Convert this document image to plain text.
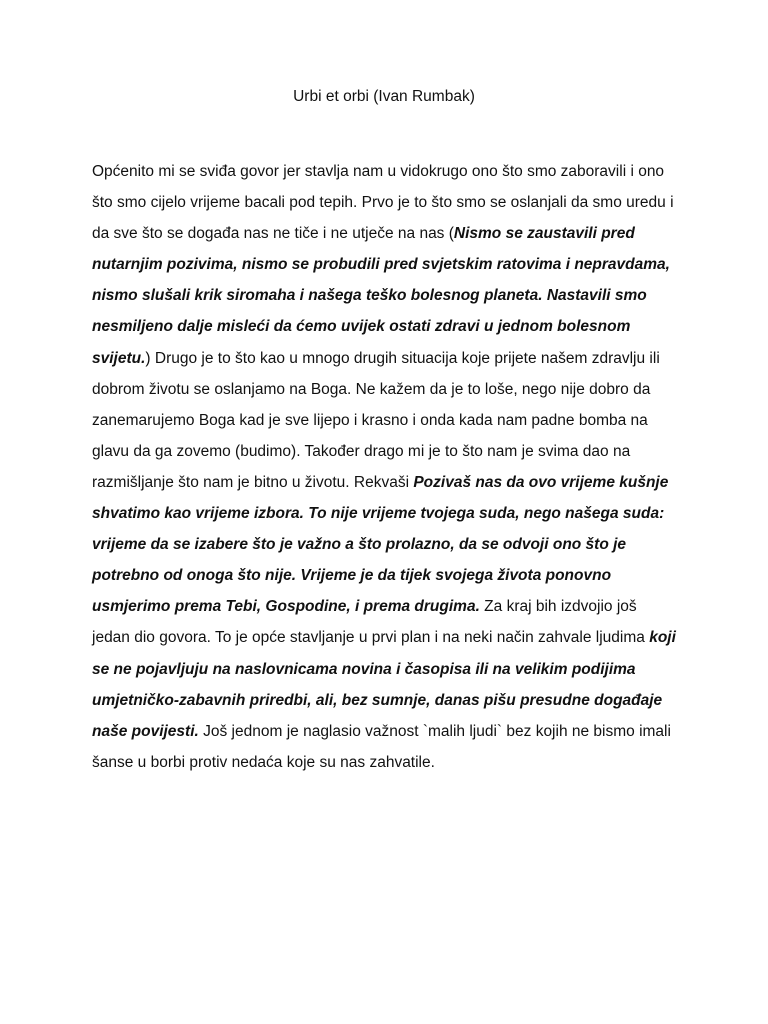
Urbi et orbi (Ivan Rumbak)

Općenito mi se sviđa govor jer stavlja nam u vidokrugo ono što smo zaboravili i ono što smo cijelo vrijeme bacali pod tepih. Prvo je to što smo se oslanjali da smo uredu i da sve što se događa nas ne tiče i ne utječe na nas (Nismo se zaustavili pred nutarnjim pozivima, nismo se probudili pred svjetskim ratovima i nepravdama, nismo slušali krik siromaha i našega teško bolesnog planeta. Nastavili smo nesmiljeno dalje misleći da ćemo uvijek ostati zdravi u jednom bolesnom svijetu.) Drugo je to što kao u mnogo drugih situacija koje prijete našem zdravlju ili dobrom životu se oslanjamo na Boga. Ne kažem da je to loše, nego nije dobro da zanemarujemo Boga kad je sve lijepo i krasno i onda kada nam padne bomba na glavu da ga zovemo (budimo). Također drago mi je to što nam je svima dao na razmišljanje što nam je bitno u životu. Rekvaši Pozivaš nas da ovo vrijeme kušnje shvatimo kao vrijeme izbora. To nije vrijeme tvojega suda, nego našega suda: vrijeme da se izabere što je važno a što prolazno, da se odvoji ono što je potrebno od onoga što nije. Vrijeme je da tijek svojega života ponovno usmjerimo prema Tebi, Gospodine, i prema drugima. Za kraj bih izdvojio još jedan dio govora. To je opće stavljanje u prvi plan i na neki način zahvale ljudima koji se ne pojavljuju na naslovnicama novina i časopisa ili na velikim podijima umjetničko-zabavnih priredbi, ali, bez sumnje, danas pišu presudne događaje naše povijesti. Još jednom je naglasio važnost `malih ljudi` bez kojih ne bismo imali šanse u borbi protiv nedaća koje su nas zahvatile.
